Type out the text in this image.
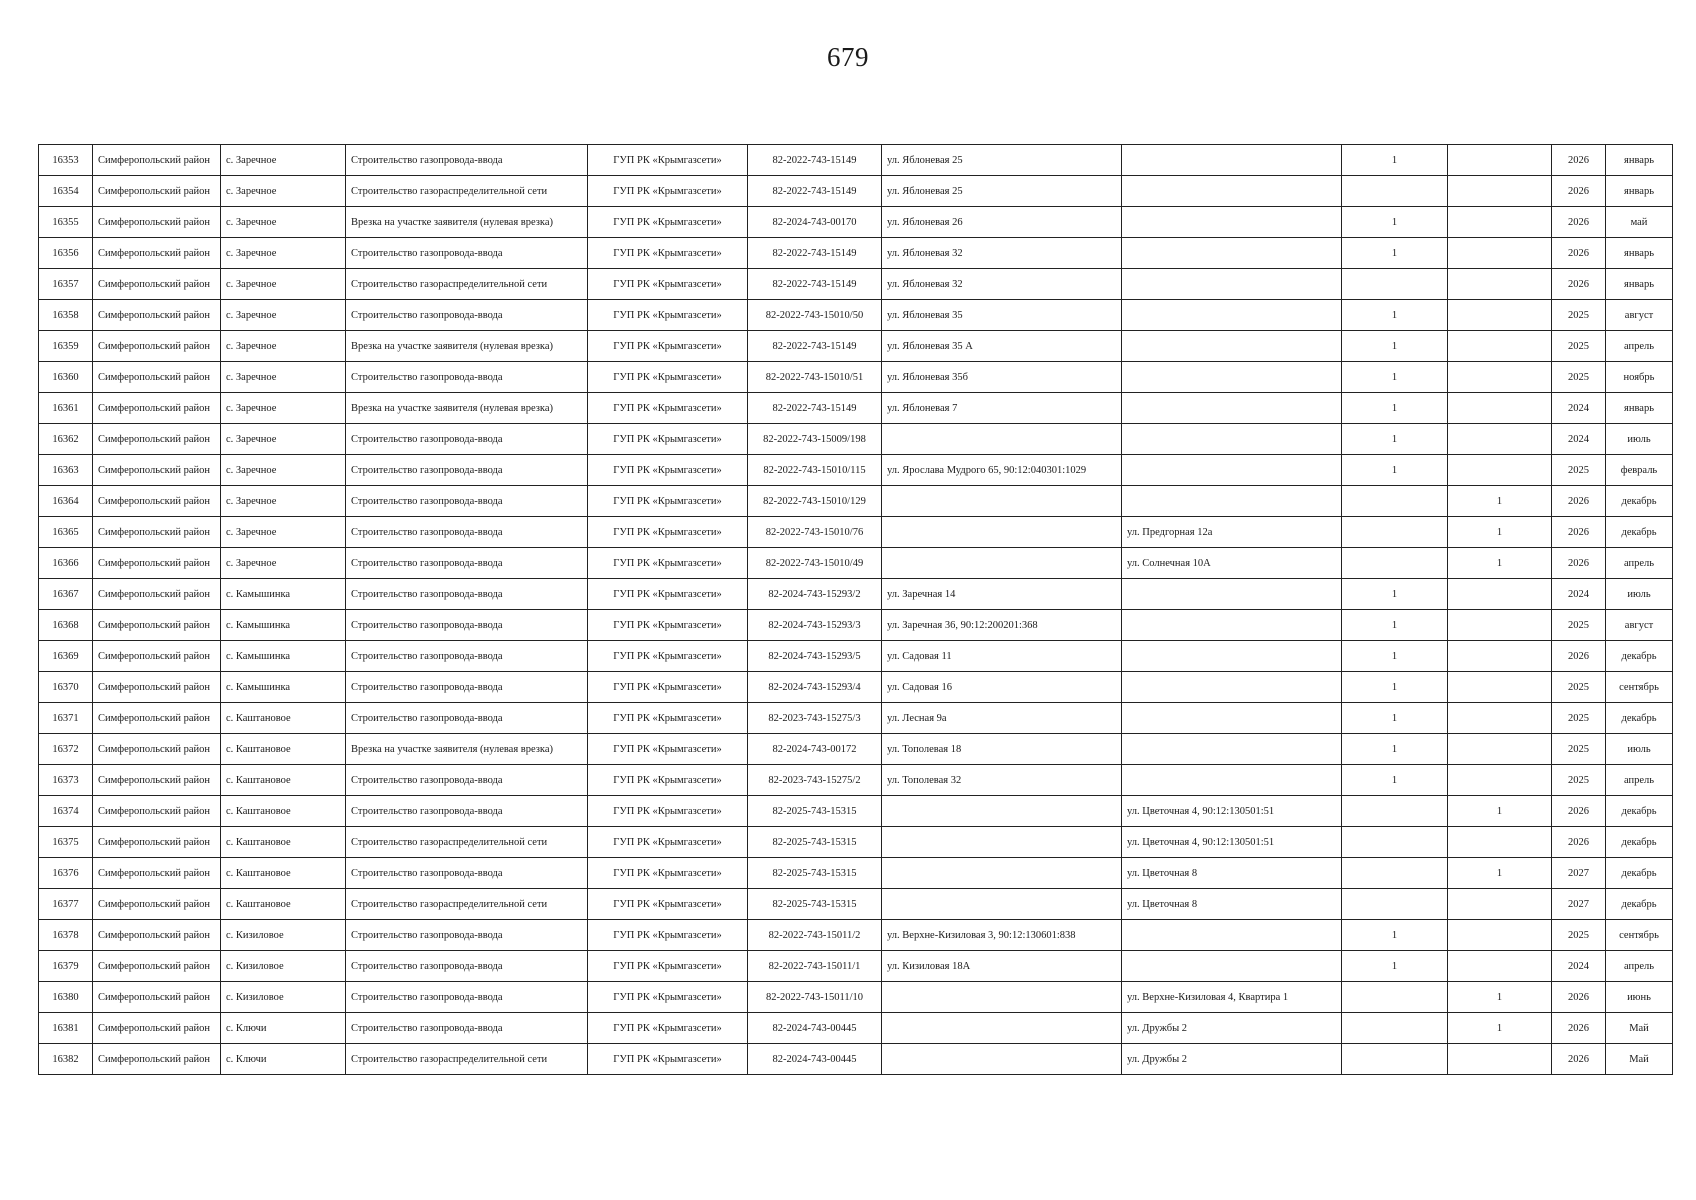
679
16353	Симферопольский район	с. Заречное	Строительство газопровода-ввода	ГУП РК «Крымгазсети»	82-2022-743-15149	ул. Яблоневая 25		1		2026	январь
16354	Симферопольский район	с. Заречное	Строительство газораспределительной сети	ГУП РК «Крымгазсети»	82-2022-743-15149	ул. Яблоневая 25				2026	январь
16355	Симферопольский район	с. Заречное	Врезка на участке заявителя (нулевая врезка)	ГУП РК «Крымгазсети»	82-2024-743-00170	ул. Яблоневая 26		1		2026	май
16356	Симферопольский район	с. Заречное	Строительство газопровода-ввода	ГУП РК «Крымгазсети»	82-2022-743-15149	ул. Яблоневая 32		1		2026	январь
16357	Симферопольский район	с. Заречное	Строительство газораспределительной сети	ГУП РК «Крымгазсети»	82-2022-743-15149	ул. Яблоневая 32				2026	январь
16358	Симферопольский район	с. Заречное	Строительство газопровода-ввода	ГУП РК «Крымгазсети»	82-2022-743-15010/50	ул. Яблоневая 35		1		2025	август
16359	Симферопольский район	с. Заречное	Врезка на участке заявителя (нулевая врезка)	ГУП РК «Крымгазсети»	82-2022-743-15149	ул. Яблоневая 35 А		1		2025	апрель
16360	Симферопольский район	с. Заречное	Строительство газопровода-ввода	ГУП РК «Крымгазсети»	82-2022-743-15010/51	ул. Яблоневая 35б		1		2025	ноябрь
16361	Симферопольский район	с. Заречное	Врезка на участке заявителя (нулевая врезка)	ГУП РК «Крымгазсети»	82-2022-743-15149	ул. Яблоневая 7		1		2024	январь
16362	Симферопольский район	с. Заречное	Строительство газопровода-ввода	ГУП РК «Крымгазсети»	82-2022-743-15009/198			1		2024	июль
16363	Симферопольский район	с. Заречное	Строительство газопровода-ввода	ГУП РК «Крымгазсети»	82-2022-743-15010/115	ул. Ярослава Мудрого 65, 90:12:040301:1029		1		2025	февраль
16364	Симферопольский район	с. Заречное	Строительство газопровода-ввода	ГУП РК «Крымгазсети»	82-2022-743-15010/129				1	2026	декабрь
16365	Симферопольский район	с. Заречное	Строительство газопровода-ввода	ГУП РК «Крымгазсети»	82-2022-743-15010/76		ул. Предгорная 12а		1	2026	декабрь
16366	Симферопольский район	с. Заречное	Строительство газопровода-ввода	ГУП РК «Крымгазсети»	82-2022-743-15010/49		ул. Солнечная 10А		1	2026	апрель
16367	Симферопольский район	с. Камышинка	Строительство газопровода-ввода	ГУП РК «Крымгазсети»	82-2024-743-15293/2	ул. Заречная 14		1		2024	июль
16368	Симферопольский район	с. Камышинка	Строительство газопровода-ввода	ГУП РК «Крымгазсети»	82-2024-743-15293/3	ул. Заречная 36, 90:12:200201:368		1		2025	август
16369	Симферопольский район	с. Камышинка	Строительство газопровода-ввода	ГУП РК «Крымгазсети»	82-2024-743-15293/5	ул. Садовая 11		1		2026	декабрь
16370	Симферопольский район	с. Камышинка	Строительство газопровода-ввода	ГУП РК «Крымгазсети»	82-2024-743-15293/4	ул. Садовая 16		1		2025	сентябрь
16371	Симферопольский район	с. Каштановое	Строительство газопровода-ввода	ГУП РК «Крымгазсети»	82-2023-743-15275/3	ул. Лесная 9а		1		2025	декабрь
16372	Симферопольский район	с. Каштановое	Врезка на участке заявителя (нулевая врезка)	ГУП РК «Крымгазсети»	82-2024-743-00172	ул. Тополевая 18		1		2025	июль
16373	Симферопольский район	с. Каштановое	Строительство газопровода-ввода	ГУП РК «Крымгазсети»	82-2023-743-15275/2	ул. Тополевая 32		1		2025	апрель
16374	Симферопольский район	с. Каштановое	Строительство газопровода-ввода	ГУП РК «Крымгазсети»	82-2025-743-15315		ул. Цветочная 4, 90:12:130501:51		1	2026	декабрь
16375	Симферопольский район	с. Каштановое	Строительство газораспределительной сети	ГУП РК «Крымгазсети»	82-2025-743-15315		ул. Цветочная 4, 90:12:130501:51			2026	декабрь
16376	Симферопольский район	с. Каштановое	Строительство газопровода-ввода	ГУП РК «Крымгазсети»	82-2025-743-15315		ул. Цветочная 8		1	2027	декабрь
16377	Симферопольский район	с. Каштановое	Строительство газораспределительной сети	ГУП РК «Крымгазсети»	82-2025-743-15315		ул. Цветочная 8			2027	декабрь
16378	Симферопольский район	с. Кизиловое	Строительство газопровода-ввода	ГУП РК «Крымгазсети»	82-2022-743-15011/2	ул. Верхне-Кизиловая 3, 90:12:130601:838		1		2025	сентябрь
16379	Симферопольский район	с. Кизиловое	Строительство газопровода-ввода	ГУП РК «Крымгазсети»	82-2022-743-15011/1	ул. Кизиловая 18А		1		2024	апрель
16380	Симферопольский район	с. Кизиловое	Строительство газопровода-ввода	ГУП РК «Крымгазсети»	82-2022-743-15011/10		ул. Верхне-Кизиловая 4, Квартира 1		1	2026	июнь
16381	Симферопольский район	с. Ключи	Строительство газопровода-ввода	ГУП РК «Крымгазсети»	82-2024-743-00445		ул. Дружбы 2		1	2026	Май
16382	Симферопольский район	с. Ключи	Строительство газораспределительной сети	ГУП РК «Крымгазсети»	82-2024-743-00445		ул. Дружбы 2			2026	Май
